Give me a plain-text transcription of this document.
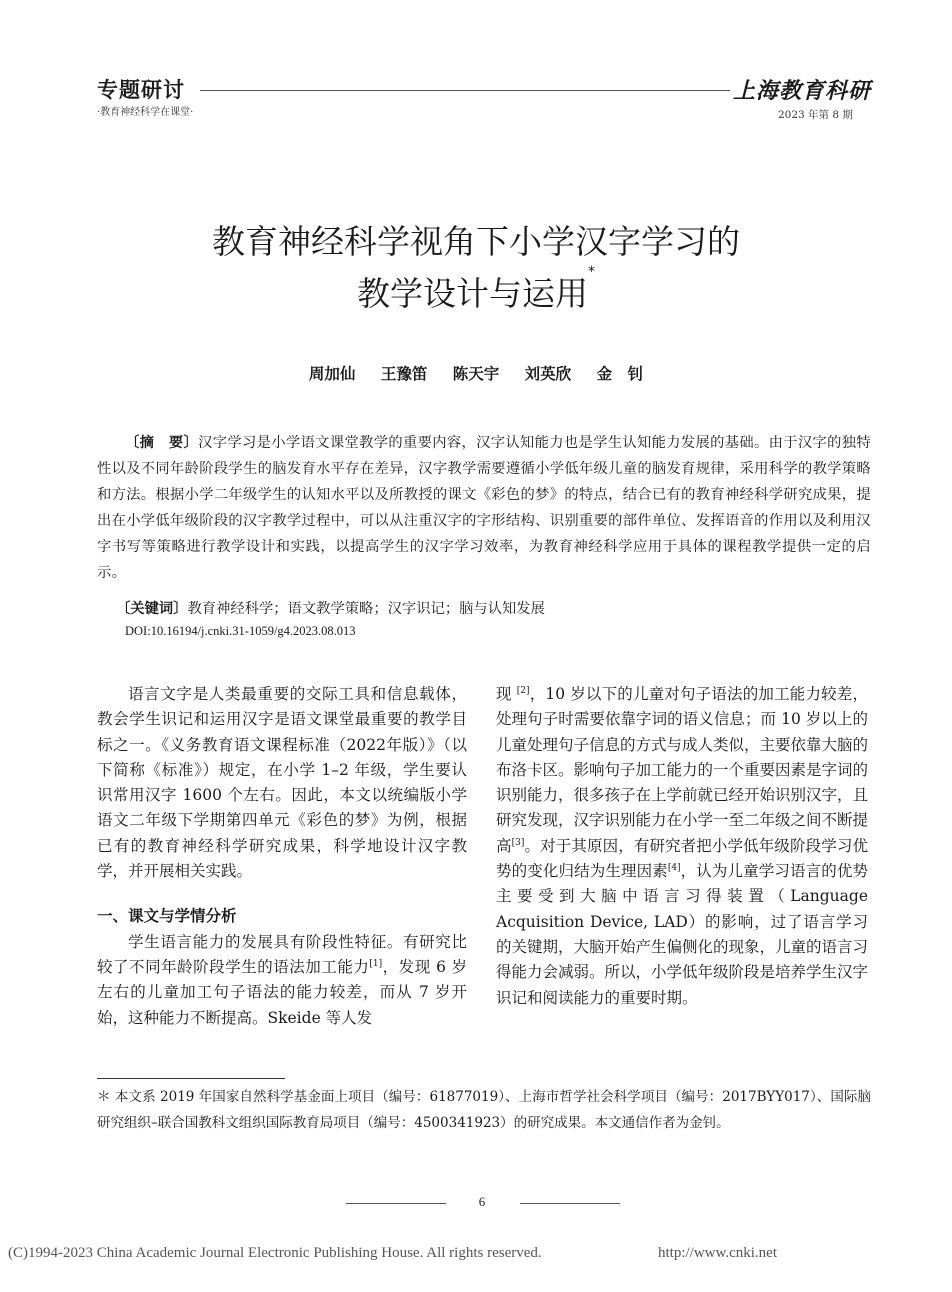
专题研讨
·教育神经科学在课堂·
上海教育科研
2023 年第 8 期
教育神经科学视角下小学汉字学习的
教学设计与运用*
周加仙 王豫笛 陈天宇 刘英欣 金　钊
〔摘　要〕汉字学习是小学语文课堂教学的重要内容，汉字认知能力也是学生认知能力发展的基础。由于汉字的独特性以及不同年龄阶段学生的脑发育水平存在差异，汉字教学需要遵循小学低年级儿童的脑发育规律，采用科学的教学策略和方法。根据小学二年级学生的认知水平以及所教授的课文《彩色的梦》的特点，结合已有的教育神经科学研究成果，提出在小学低年级阶段的汉字教学过程中，可以从注重汉字的字形结构、识别重要的部件单位、发挥语音的作用以及利用汉字书写等策略进行教学设计和实践，以提高学生的汉字学习效率，为教育神经科学应用于具体的课程教学提供一定的启示。
〔关键词〕教育神经科学；语文教学策略；汉字识记；脑与认知发展
DOI:10.16194/j.cnki.31-1059/g4.2023.08.013

语言文字是人类最重要的交际工具和信息载体，教会学生识记和运用汉字是语文课堂最重要的教学目标之一。《义务教育语文课程标准（2022年版）》（以下简称《标准》）规定，在小学 1–2 年级，学生要认识常用汉字 1600 个左右。因此，本文以统编版小学语文二年级下学期第四单元《彩色的梦》为例，根据已有的教育神经科学研究成果，科学地设计汉字教学，并开展相关实践。

一、课文与学情分析

学生语言能力的发展具有阶段性特征。有研究比较了不同年龄阶段学生的语法加工能力[1]，发现 6 岁左右的儿童加工句子语法的能力较差，而从 7 岁开始，这种能力不断提高。Skeide 等人发

现 [2]，10 岁以下的儿童对句子语法的加工能力较差，处理句子时需要依靠字词的语义信息；而 10 岁以上的儿童处理句子信息的方式与成人类似，主要依靠大脑的布洛卡区。影响句子加工能力的一个重要因素是字词的识别能力，很多孩子在上学前就已经开始识别汉字，且研究发现，汉字识别能力在小学一至二年级之间不断提高[3]。对于其原因，有研究者把小学低年级阶段学习优势的变化归结为生理因素[4]，认为儿童学习语言的优势主要受到大脑中语言习得装置（Language Acquisition Device, LAD）的影响，过了语言学习的关键期，大脑开始产生偏侧化的现象，儿童的语言习得能力会减弱。所以，小学低年级阶段是培养学生汉字识记和阅读能力的重要时期。

＊ 本文系 2019 年国家自然科学基金面上项目（编号：61877019）、上海市哲学社会科学项目（编号：2017BYY017）、国际脑研究组织–联合国教科文组织国际教育局项目（编号：4500341923）的研究成果。本文通信作者为金钊。
6
(C)1994-2023 China Academic Journal Electronic Publishing House. All rights reserved.	http://www.cnki.net
